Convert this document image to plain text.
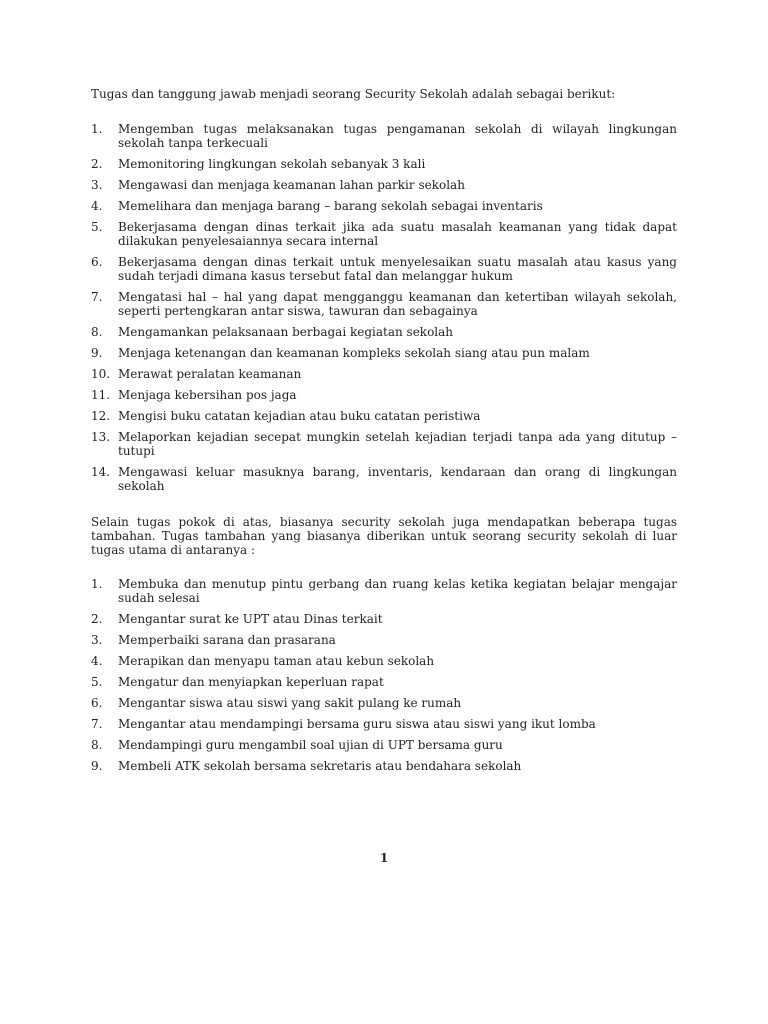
Tugas dan tanggung jawab menjadi seorang Security Sekolah adalah sebagai berikut:

1. Mengemban tugas melaksanakan tugas pengamanan sekolah di wilayah lingkungan sekolah tanpa terkecuali
2. Memonitoring lingkungan sekolah sebanyak 3 kali
3. Mengawasi dan menjaga keamanan lahan parkir sekolah
4. Memelihara dan menjaga barang – barang sekolah sebagai inventaris
5. Bekerjasama dengan dinas terkait jika ada suatu masalah keamanan yang tidak dapat dilakukan penyelesaiannya secara internal
6. Bekerjasama dengan dinas terkait untuk menyelesaikan suatu masalah atau kasus yang sudah terjadi dimana kasus tersebut fatal dan melanggar hukum
7. Mengatasi hal – hal yang dapat mengganggu keamanan dan ketertiban wilayah sekolah, seperti pertengkaran antar siswa, tawuran dan sebagainya
8. Mengamankan pelaksanaan berbagai kegiatan sekolah
9. Menjaga ketenangan dan keamanan kompleks sekolah siang atau pun malam
10. Merawat peralatan keamanan
11. Menjaga kebersihan pos jaga
12. Mengisi buku catatan kejadian atau buku catatan peristiwa
13. Melaporkan kejadian secepat mungkin setelah kejadian terjadi tanpa ada yang ditutup – tutupi
14. Mengawasi keluar masuknya barang, inventaris, kendaraan dan orang di lingkungan sekolah

Selain tugas pokok di atas, biasanya security sekolah juga mendapatkan beberapa tugas tambahan. Tugas tambahan yang biasanya diberikan untuk seorang security sekolah di luar tugas utama di antaranya :

1. Membuka dan menutup pintu gerbang dan ruang kelas ketika kegiatan belajar mengajar sudah selesai
2. Mengantar surat ke UPT atau Dinas terkait
3. Memperbaiki sarana dan prasarana
4. Merapikan dan menyapu taman atau kebun sekolah
5. Mengatur dan menyiapkan keperluan rapat
6. Mengantar siswa atau siswi yang sakit pulang ke rumah
7. Mengantar atau mendampingi bersama guru siswa atau siswi yang ikut lomba
8. Mendampingi guru mengambil soal ujian di UPT bersama guru
9. Membeli ATK sekolah bersama sekretaris atau bendahara sekolah
1
